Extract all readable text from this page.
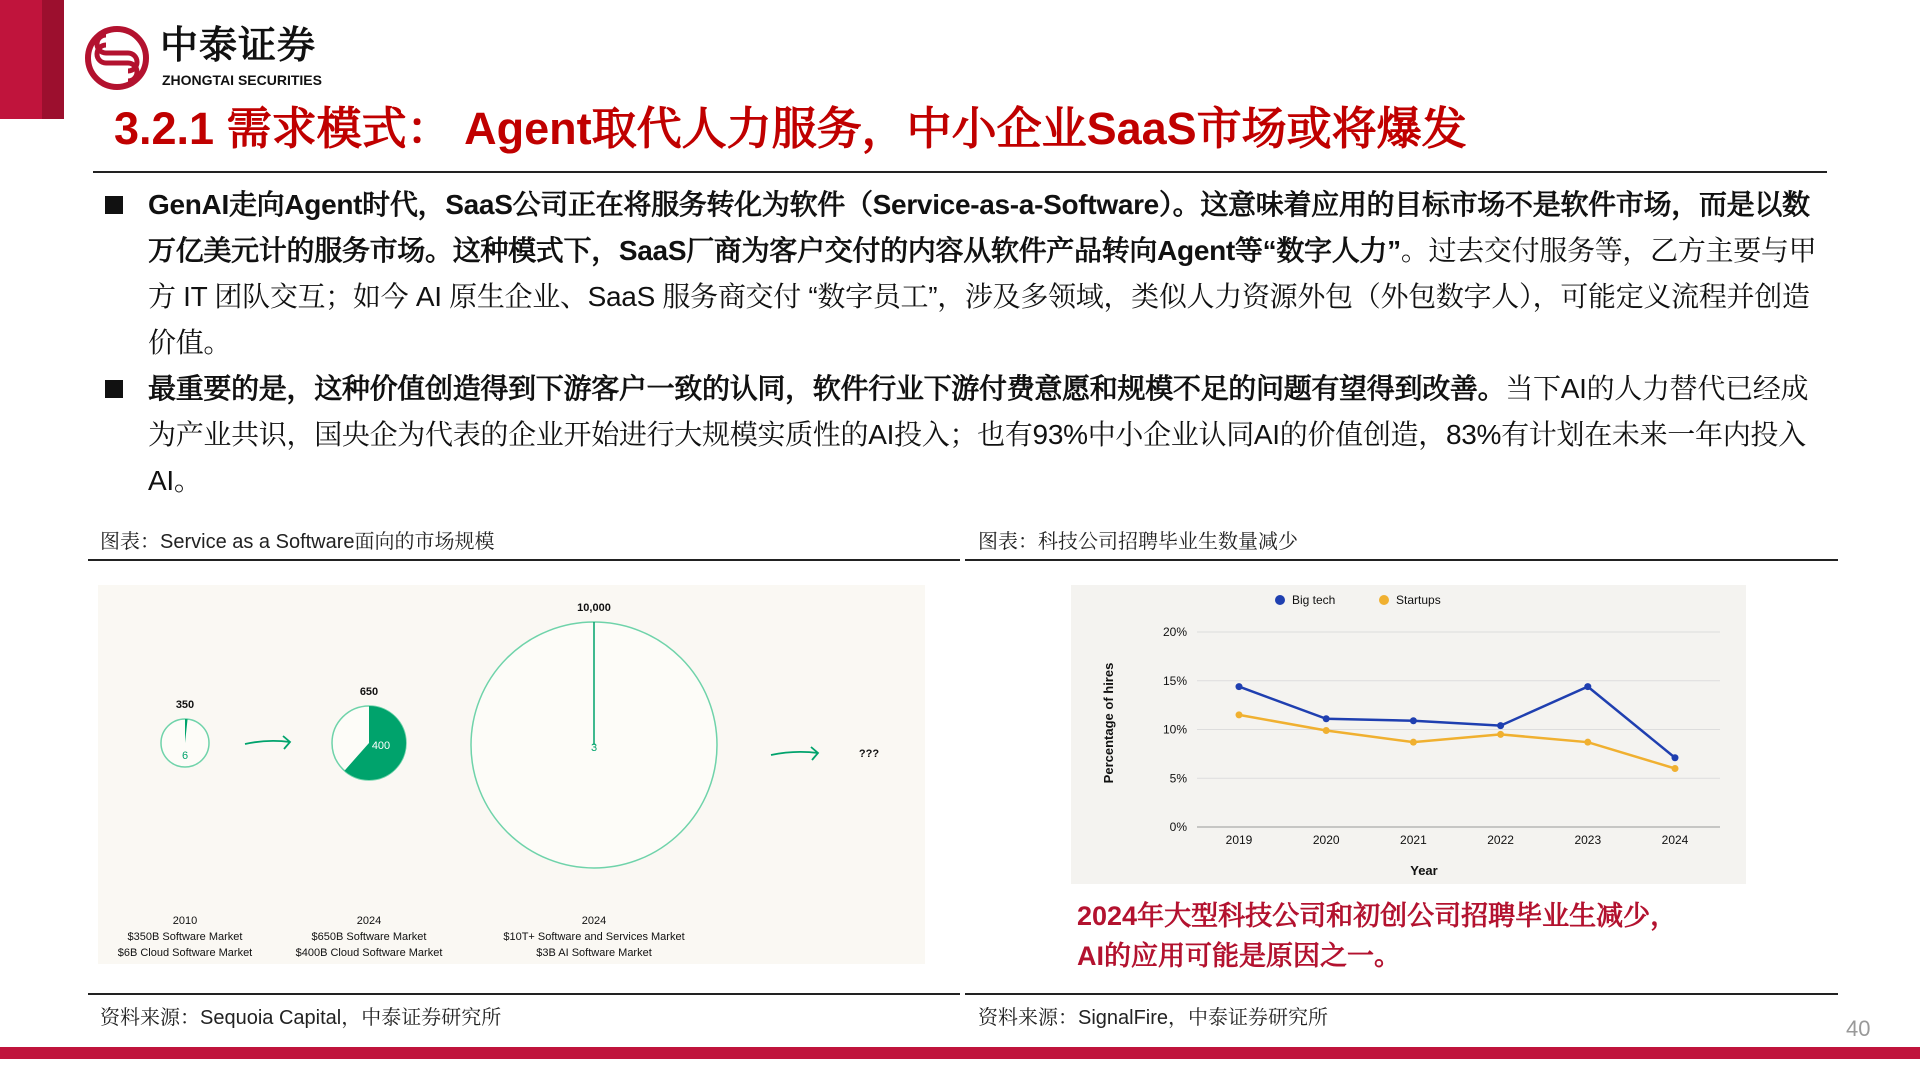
中泰证券
ZHONGTAI SECURITIES
3.2.1 需求模式： Agent取代人力服务，中小企业SaaS市场或将爆发
GenAI走向Agent时代，SaaS公司正在将服务转化为软件（Service-as-a-Software）。这意味着应用的目标市场不是软件市场，而是以数万亿美元计的服务市场。这种模式下，SaaS厂商为客户交付的内容从软件产品转向Agent等“数字人力”。过去交付服务等，乙方主要与甲方 IT 团队交互；如今 AI 原生企业、SaaS 服务商交付 “数字员工”，涉及多领域，类似人力资源外包（外包数字人），可能定义流程并创造价值。
最重要的是，这种价值创造得到下游客户一致的认同，软件行业下游付费意愿和规模不足的问题有望得到改善。当下AI的人力替代已经成为产业共识，国央企为代表的企业开始进行大规模实质性的AI投入；也有93%中小企业认同AI的价值创造，83%有计划在未来一年内投入AI。
图表：Service as a Software面向的市场规模	图表：科技公司招聘毕业生数量减少
350
6
2010
$350B Software Market
$6B Cloud Software Market
650
400
2024
$650B Software Market
$400B Cloud Software Market
10,000
3
2024
$10T+ Software and Services Market
$3B AI Software Market
???
0%
5%
10%
15%
20%
2019	2020	2021	2022	2023	2024
Year
Percentage of hires
Big tech	Startups
2024年大型科技公司和初创公司招聘毕业生减少，
AI的应用可能是原因之一。
资料来源：Sequoia Capital，中泰证券研究所	资料来源：SignalFire，中泰证券研究所	40
